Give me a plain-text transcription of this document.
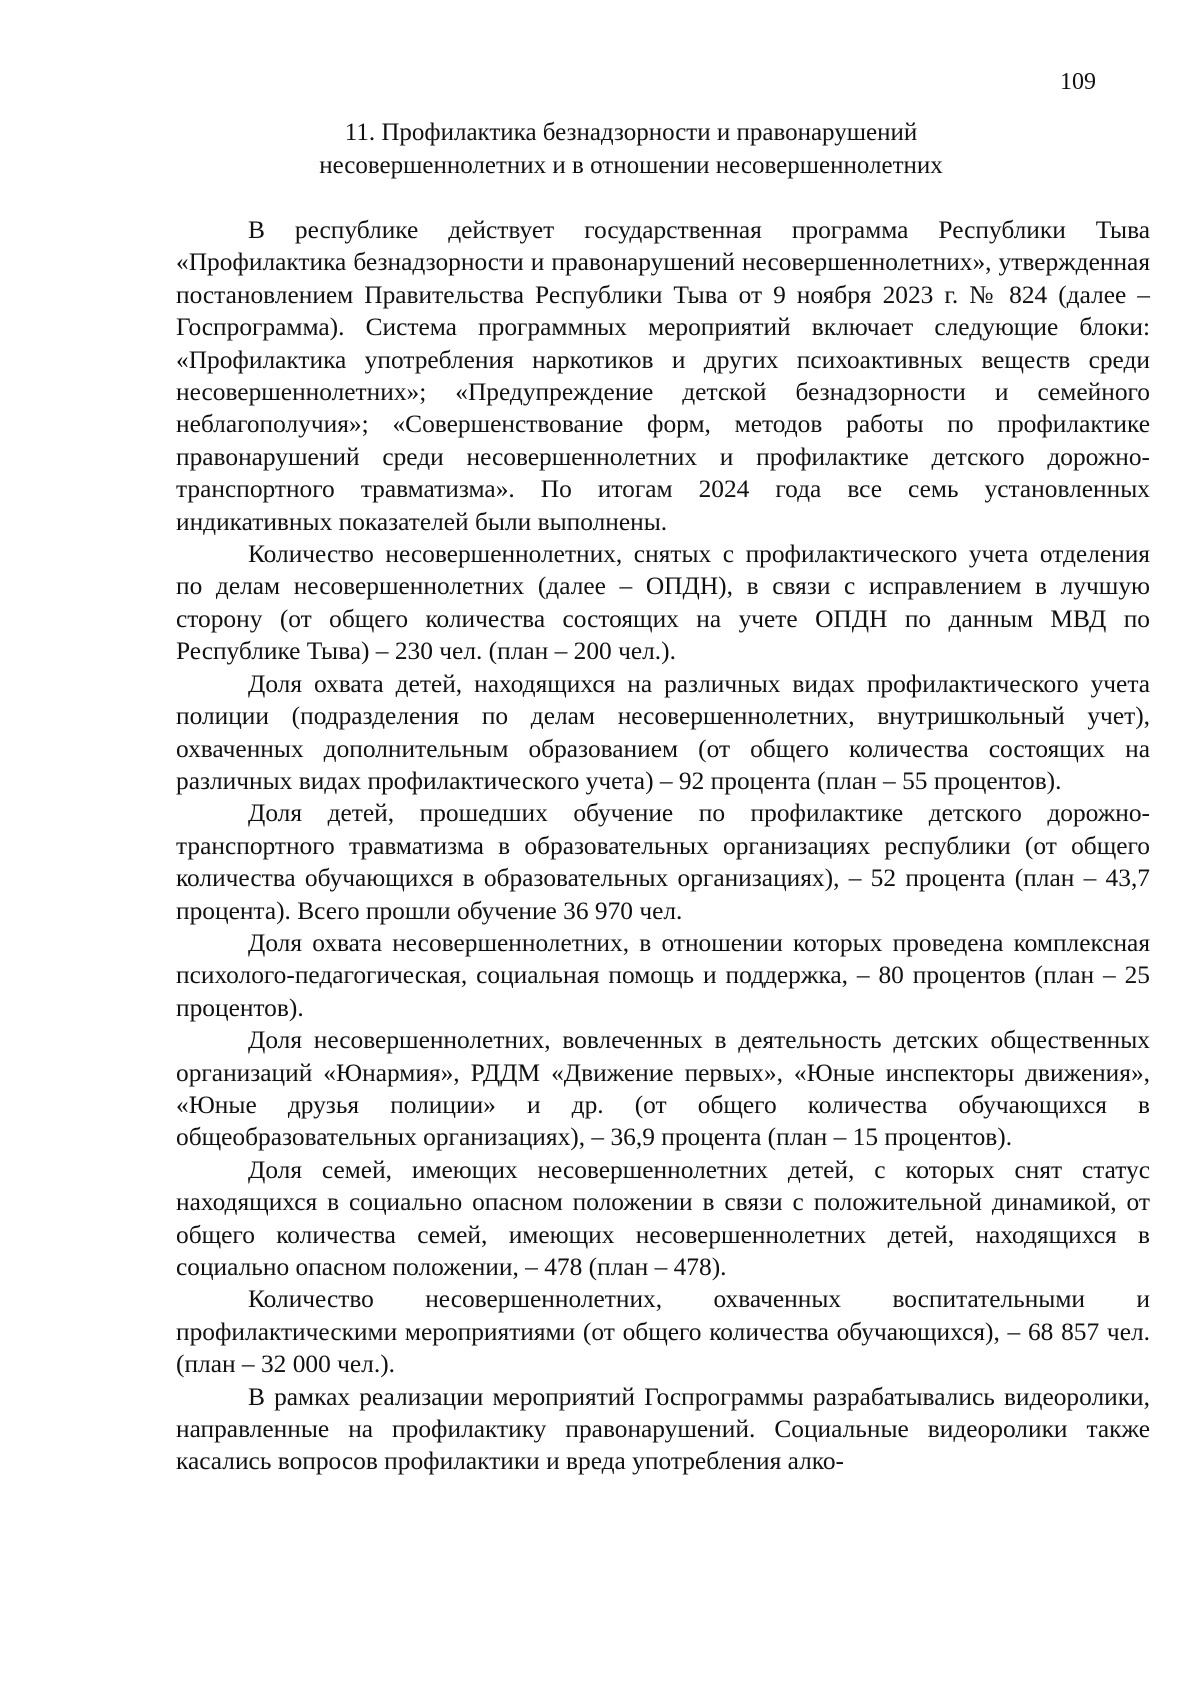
109
11. Профилактика безнадзорности и правонарушений
несовершеннолетних и в отношении несовершеннолетних

В республике действует государственная программа Республики Тыва «Профилактика безнадзорности и правонарушений несовершеннолетних», утвержденная постановлением Правительства Республики Тыва от 9 ноября 2023 г. № 824 (далее – Госпрограмма). Система программных мероприятий включает следующие блоки: «Профилактика употребления наркотиков и других психоактивных веществ среди несовершеннолетних»; «Предупреждение детской безнадзорности и семейного неблагополучия»; «Совершенствование форм, методов работы по профилактике правонарушений среди несовершеннолетних и профилактике детского дорожно-транспортного травматизма». По итогам 2024 года все семь установленных индикативных показателей были выполнены.

Количество несовершеннолетних, снятых с профилактического учета отделения по делам несовершеннолетних (далее – ОПДН), в связи с исправлением в лучшую сторону (от общего количества состоящих на учете ОПДН по данным МВД по Республике Тыва) – 230 чел. (план – 200 чел.).

Доля охвата детей, находящихся на различных видах профилактического учета полиции (подразделения по делам несовершеннолетних, внутришкольный учет), охваченных дополнительным образованием (от общего количества состоящих на различных видах профилактического учета) – 92 процента (план – 55 процентов).

Доля детей, прошедших обучение по профилактике детского дорожно-транспортного травматизма в образовательных организациях республики (от общего количества обучающихся в образовательных организациях), – 52 процента (план – 43,7 процента). Всего прошли обучение 36 970 чел.

Доля охвата несовершеннолетних, в отношении которых проведена комплексная психолого-педагогическая, социальная помощь и поддержка, – 80 процентов (план – 25 процентов).

Доля несовершеннолетних, вовлеченных в деятельность детских общественных организаций «Юнармия», РДДМ «Движение первых», «Юные инспекторы движения», «Юные друзья полиции» и др. (от общего количества обучающихся в общеобразовательных организациях), – 36,9 процента (план – 15 процентов).

Доля семей, имеющих несовершеннолетних детей, с которых снят статус находящихся в социально опасном положении в связи с положительной динамикой, от общего количества семей, имеющих несовершеннолетних детей, находящихся в социально опасном положении, – 478 (план – 478).

Количество несовершеннолетних, охваченных воспитательными и профилактическими мероприятиями (от общего количества обучающихся), – 68 857 чел. (план – 32 000 чел.).

В рамках реализации мероприятий Госпрограммы разрабатывались видеоролики, направленные на профилактику правонарушений. Социальные видеоролики также касались вопросов профилактики и вреда употребления алко-
